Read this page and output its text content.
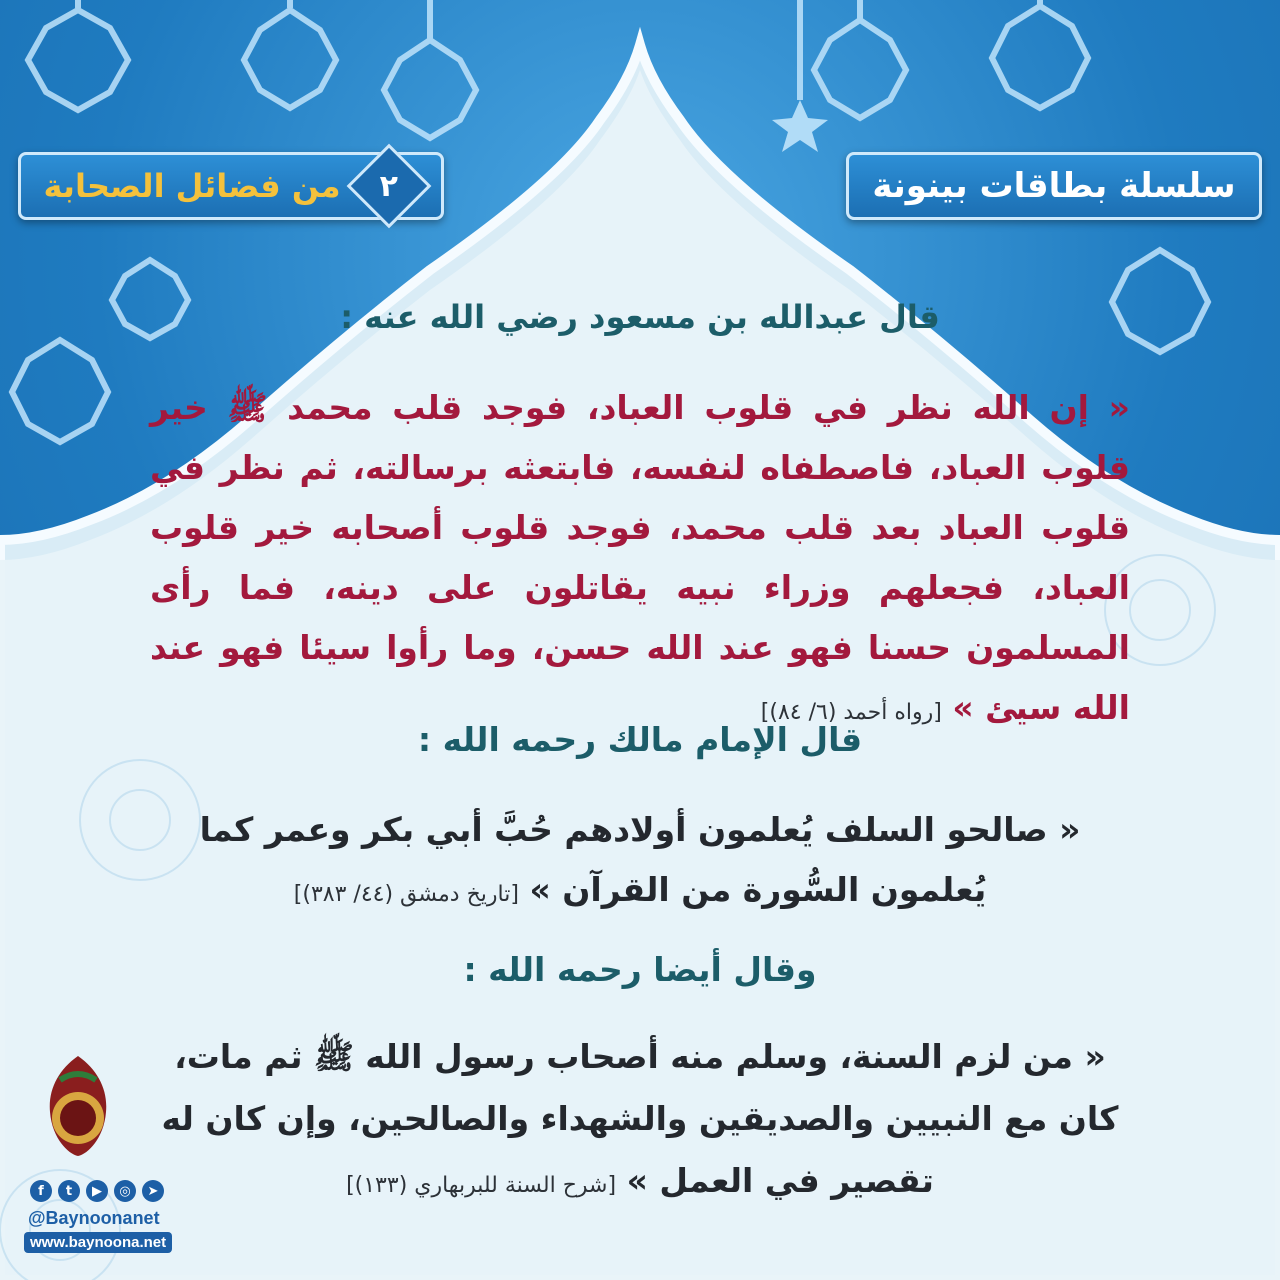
سلسلة بطاقات بينونة
٢
من فضائل الصحابة
قال عبدالله بن مسعود رضي الله عنه :
« إن الله نظر في قلوب العباد، فوجد قلب محمد ﷺ خير قلوب العباد، فاصطفاه لنفسه، فابتعثه برسالته، ثم نظر في قلوب العباد بعد قلب محمد، فوجد قلوب أصحابه خير قلوب العباد، فجعلهم وزراء نبيه يقاتلون على دينه، فما رأى المسلمون حسنا فهو عند الله حسن، وما رأوا سيئا فهو عند الله سيئ » [رواه أحمد (٦/ ٨٤)]
قال الإمام مالك رحمه الله :
« صالحو السلف يُعلمون أولادهم حُبَّ أبي بكر وعمر كما يُعلمون السُّورة من القرآن » [تاريخ دمشق (٤٤/ ٣٨٣)]
وقال أيضا رحمه الله :
« من لزم السنة، وسلم منه أصحاب رسول الله ﷺ ثم مات، كان مع النبيين والصديقين والشهداء والصالحين، وإن كان له تقصير في العمل » [شرح السنة للبربهاري (١٣٣)]
f	t	▶	◎	➤
@Baynoonanet
www.baynoona.net
